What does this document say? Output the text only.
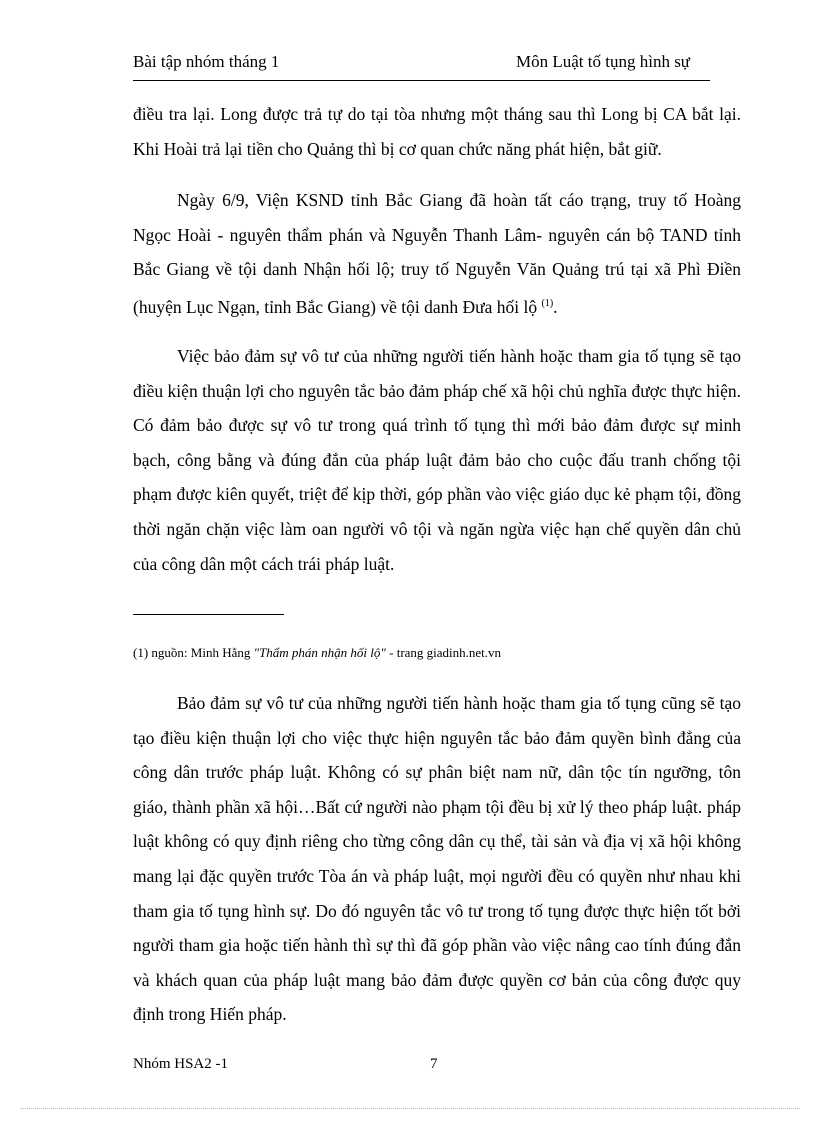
Bài tập nhóm tháng 1	Môn Luật tố tụng hình sự

điều tra lại. Long được trả tự do tại tòa nhưng một tháng sau thì Long bị CA bắt lại. Khi Hoài trả lại tiền cho Quảng thì bị cơ quan chức năng phát hiện, bắt giữ.

Ngày 6/9, Viện KSND tỉnh Bắc Giang đã hoàn tất cáo trạng, truy tố Hoàng Ngọc Hoài - nguyên thẩm phán và Nguyễn Thanh Lâm- nguyên cán bộ TAND tỉnh Bắc Giang về tội danh Nhận hối lộ; truy tố Nguyễn Văn Quảng trú tại xã Phì Điền (huyện Lục Ngạn, tỉnh Bắc Giang) về tội danh Đưa hối lộ $^{(1)}$.

Việc bảo đảm sự vô tư của những người tiến hành hoặc tham gia tố tụng sẽ tạo điều kiện thuận lợi cho nguyên tắc bảo đảm pháp chế xã hội chủ nghĩa được thực hiện. Có đảm bảo được sự vô tư trong quá trình tố tụng thì mới bảo đảm được sự minh bạch, công bằng và đúng đắn của pháp luật đảm bảo cho cuộc đấu tranh chống tội phạm được kiên quyết, triệt để kịp thời, góp phần vào việc giáo dục kẻ phạm tội, đồng thời ngăn chặn việc làm oan người vô tội và ngăn ngừa việc hạn chế quyền dân chủ của công dân một cách trái pháp luật.

(1) nguồn: Minh Hằng "Thẩm phán nhận hối lộ" - trang giadinh.net.vn

Bảo đảm sự vô tư của những người tiến hành hoặc tham gia tố tụng cũng sẽ tạo tạo điều kiện thuận lợi cho việc thực hiện nguyên tắc bảo đảm quyền bình đẳng của công dân trước pháp luật. Không có sự phân biệt nam nữ, dân tộc tín ngưỡng, tôn giáo, thành phần xã hội…Bất cứ người nào phạm tội đều bị xử lý theo pháp luật. pháp luật không có quy định riêng cho từng công dân cụ thể, tài sản và địa vị xã hội không mang lại đặc quyền trước Tòa án và pháp luật, mọi người đều có quyền như nhau khi tham gia tố tụng hình sự. Do đó nguyên tắc vô tư trong tố tụng được thực hiện tốt bởi người tham gia hoặc tiến hành thì sự thì đã góp phần vào việc nâng cao tính đúng đắn và khách quan của pháp luật mang bảo đảm được quyền cơ bản của công được quy định trong Hiến pháp.

Nhóm HSA2 -1	7
